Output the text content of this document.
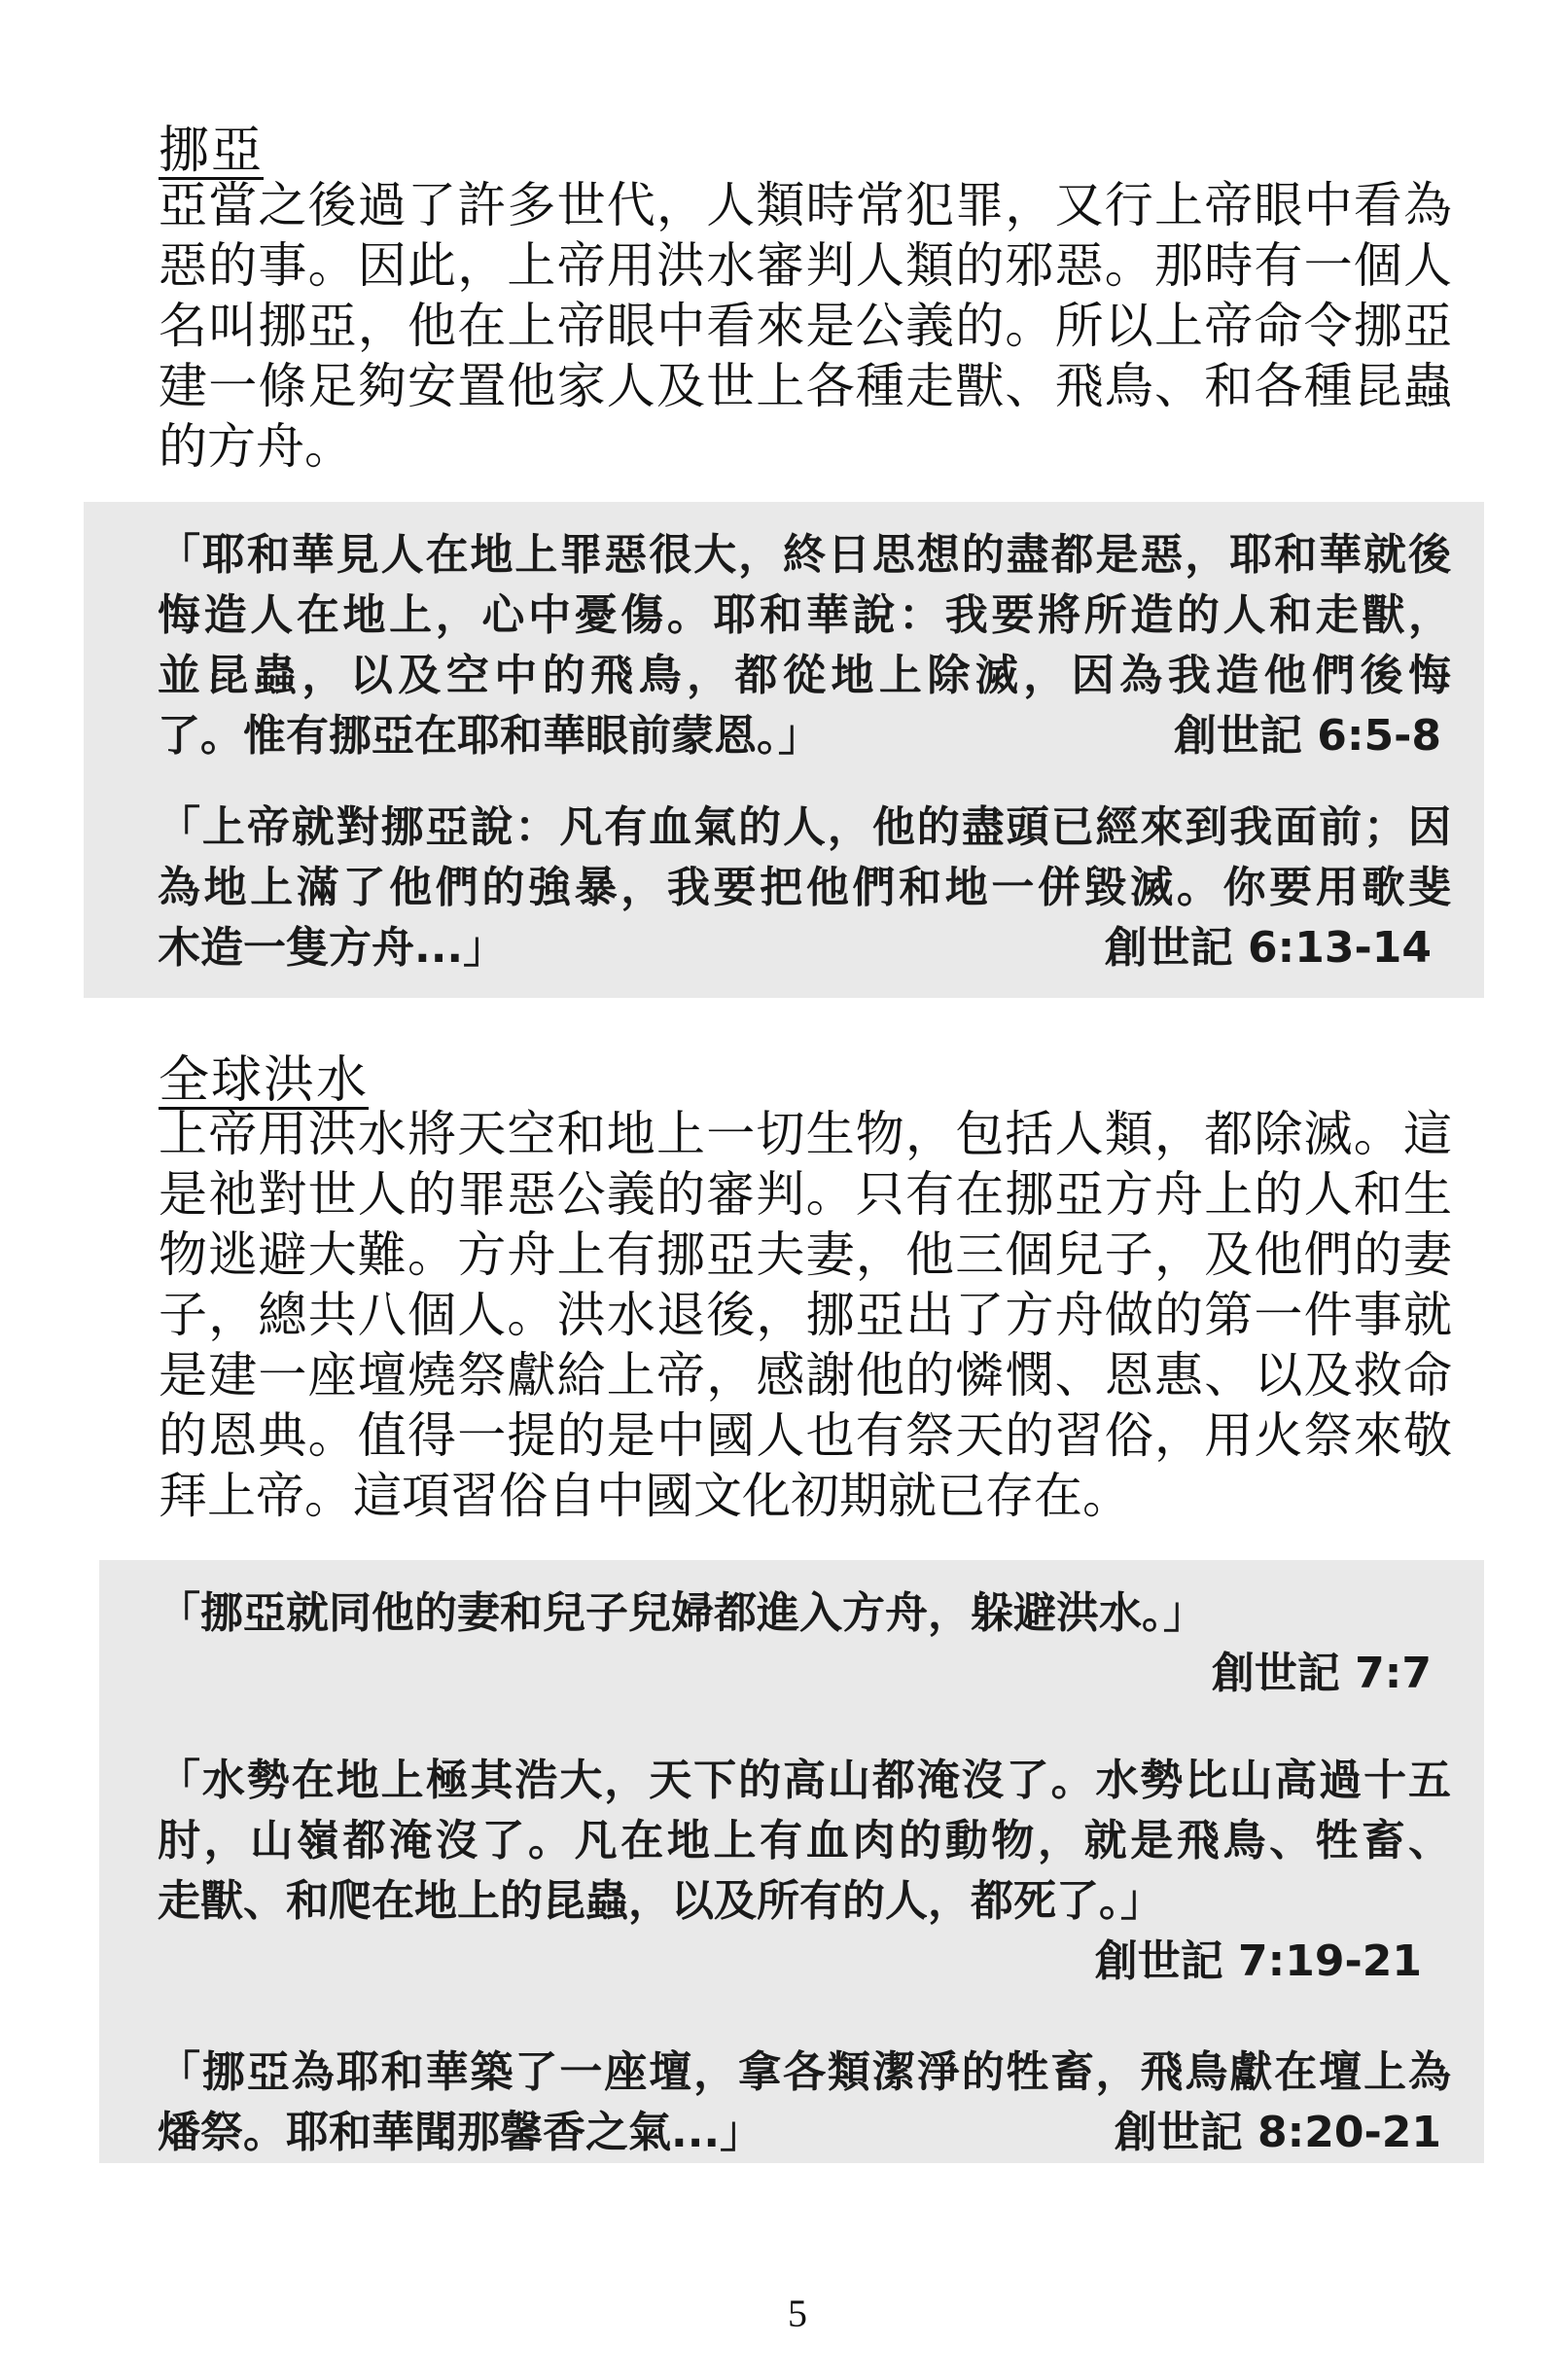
挪亞
亞當之後過了許多世代，人類時常犯罪，又行上帝眼中看為
惡的事。因此，上帝用洪水審判人類的邪惡。那時有一個人
名叫挪亞，他在上帝眼中看來是公義的。所以上帝命令挪亞
建一條足夠安置他家人及世上各種走獸、飛鳥、和各種昆蟲
的方舟。
「耶和華見人在地上罪惡很大，終日思想的盡都是惡，耶和華就後
悔造人在地上，心中憂傷。耶和華說：我要將所造的人和走獸，
並昆蟲，以及空中的飛鳥，都從地上除滅，因為我造他們後悔
了。惟有挪亞在耶和華眼前蒙恩。」	創世記 6:5-8
「上帝就對挪亞說：凡有血氣的人，他的盡頭已經來到我面前；因
為地上滿了他們的強暴，我要把他們和地一併毀滅。你要用歌斐
木造一隻方舟...」	創世記 6:13-14
全球洪水
上帝用洪水將天空和地上一切生物，包括人類，都除滅。這
是祂對世人的罪惡公義的審判。只有在挪亞方舟上的人和生
物逃避大難。方舟上有挪亞夫妻，他三個兒子，及他們的妻
子，總共八個人。洪水退後，挪亞出了方舟做的第一件事就
是建一座壇燒祭獻給上帝，感謝他的憐憫、恩惠、以及救命
的恩典。值得一提的是中國人也有祭天的習俗，用火祭來敬
拜上帝。這項習俗自中國文化初期就已存在。
「挪亞就同他的妻和兒子兒婦都進入方舟，躲避洪水。」
創世記 7:7
「水勢在地上極其浩大，天下的高山都淹沒了。水勢比山高過十五
肘，山嶺都淹沒了。凡在地上有血肉的動物，就是飛鳥、牲畜、
走獸、和爬在地上的昆蟲，以及所有的人，都死了。」
創世記 7:19-21
「挪亞為耶和華築了一座壇，拿各類潔淨的牲畜，飛鳥獻在壇上為
燔祭。耶和華聞那馨香之氣...」	創世記 8:20-21
5
